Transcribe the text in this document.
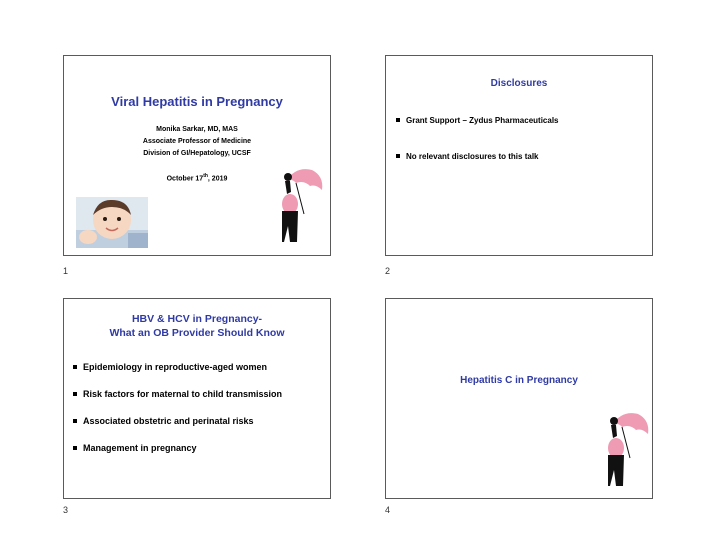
Viral Hepatitis in Pregnancy
Monika Sarkar, MD, MAS
Associate Professor of Medicine
Division of GI/Hepatology, UCSF
October 17th, 2019
1
Disclosures
Grant Support – Zydus Pharmaceuticals
No relevant disclosures to this talk
2
HBV & HCV in Pregnancy-
What an OB Provider Should Know
Epidemiology in reproductive-aged women
Risk factors for maternal to child transmission
Associated obstetric and perinatal risks
Management in pregnancy
3
Hepatitis C in Pregnancy
4
